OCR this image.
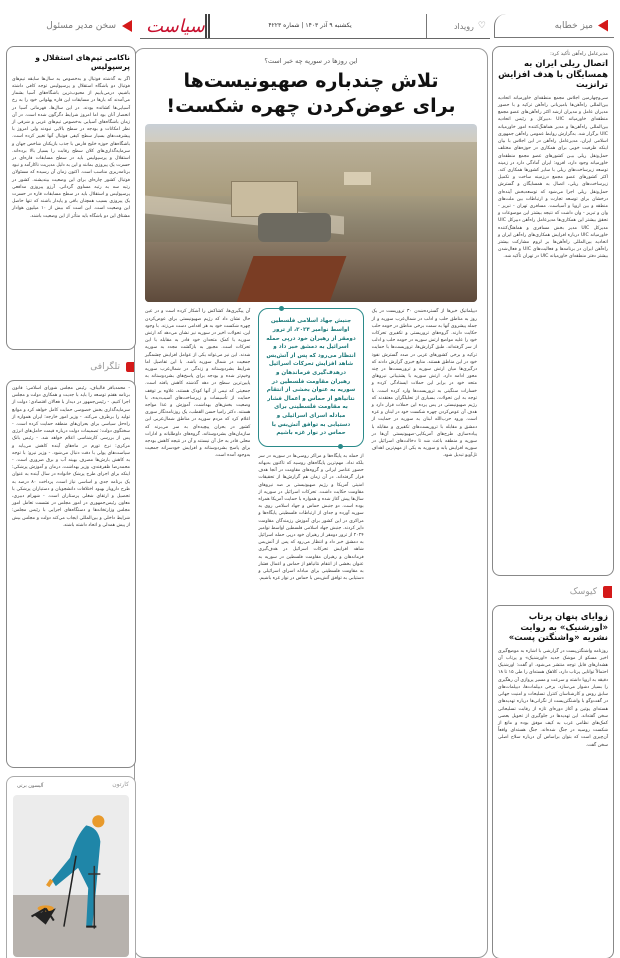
میز خطابه
♡
رویداد
یکشنبه ۹ آذر ۱۴۰۳ | شماره ۴۲۲۳
سیاست
سخن مدیر مسئول
مدیرعامل راه‌آهن تأکید کرد:
اتصال ریلی ایران به همسایگان با هدف افزایش ترانزیت
سی‌وچهارمین اجلاس مجمع منطقه‌ای خاورمیانه اتحادیه بین‌المللی راه‌آهن‌ها بامیزبانی راه‌آهن ترکیه و با حضور مدیران عامل و مدیران ارشد اکثر راه‌آهن‌های عضو مجمع منطقه‌ای خاورمیانه UIC ،دبیرکل و رئیس اتحادیه بین‌المللی راه‌آهن‌ها و مدیر هماهنگ‌کننده امور خاورمیانه UIC برگزار شد. به‌گزارش روابط‌ عمومی راه‌آهن جمهوری اسلامی ایران، مدیرعامل راه‌آهن در این اجلاس با بیان اینکه ظرفیت خوبی برای همکاری در حوزه‌های مختلف حمل‌ونقل ریلی بیـن کشورهای عضو مجمع منطقه‌ای خاورمیانه وجود دارد، افزود: ایران آمادگی دارد در زمینه توسعه زیرساخت‌های ریلی با سایر کشورها همکاری کند. اکثر کشورهای عضو مجمع درزمینه ساخت و تکمیل زیرساخت‌های ریلی، اتصال به همسایگان و گسترش حمل‌ونقل ریلی اجرا می‌شود که توسعه‌بخش آینده‌ای درخشان برای توسعه تجارت و ارتباطات بین ملت‌های منطقه و بین اروپا و آسیاست. مسافری تهران - تبریز - وان و تبریز - وان داشت که نتیجه بیشتر این موضوعات و تحقق بیشتر این همکاری‌ها مدیرعامل راه‌آهن دبیرکل UIC مدیرکل UIC مدیر بخش مسافری و هماهنگ‌کننده خاورمیانه UIC درباره افزایش همکاری‌های راه‌آهن ایران و اتحادیه بین‌المللی راه‌آهن‌ها بر لزوم مشارکت بیشتر راه‌آهن ایران در برنامه‌ها و فعالیت‌های UIC و فعال‌شدن بیشتر دفتر منطقه‌ای خاورمیانه UIC در تهران تأکید شد.
کیوسک
زوایای پنهان پرتاب «اورشنیک» به روایت نشریه «واشنگتن پست»
روزنامه واشنگتن‌پست در گزارشی با اشاره به موضع‌گیری اخیر مسکو از موشک جدید «اورشنیک» و پرتاب آن هشدارهای قابل توجه منتشر می‌شود. او گفت: اورشنیک احتمالاً توانایی پرتاب دارد، کلاهک هسته‌ای را طی ۱۵ تا ۱۸ دقیقه به اروپا داشته و سرعت و مسیر پروازی آن رهگیری را بسیار دشوار می‌سازد. برخی دیپلمات‌ها، دیپلمات‌های سابق روس و کارشناسان کنترل تسلیحات و امنیت جهانی در گفت‌وگو با واشنگتن‌پست از نگرانی‌ها درباره تهدیدهای هسته‌ای پوتین و آغاز دوره‌ای تازه از رقابت تسلیحاتی سخن گفته‌اند. این تهدیدها در جلوگیری از تحویل بعضی کمک‌های نظامی غرب به کیف موفق بوده و مانع از شکست روسیه در جنگ شده‌اند. جنگ هسته‌ای واقعاً آن‌چیزی است که بتوان براساس آن درباره سلاح اصلی سخن گفت.
این روزها در سوریه چه خبر است؟
تلاش چندباره صهیونیست‌ها
برای عوض‌کردن چهره شکست!
دیپلماتیک خبرها از گسترده‌شدن ۳۰ تروریست در یک روز به مناطق حلب و ادلب در شمال‌غرب سوریه و از جمله پیشروی آنها به سمت برخی مناطق در حومه حلب حکایت دارند. گروه‌های تروریستی و تکفیری تحرکات خود را علیه مواضع ارتش سوریه در حومه حلب و ادلب از سر گرفته‌اند. طبق گزارش‌ها، تروریست‌ها با حمایت ترکیه و برخی کشورهای غربی در صدد گسترش نفوذ خود در این مناطق هستند. منابع خبری گزارش دادند که درگیری‌ها میان ارتش سوریه و تروریست‌ها در چند محور ادامه دارد. ارتش سوریه با پشتیبانی نیروهای متحد خود در برابر این حملات ایستادگی کرده و خسارات سنگینی به تروریست‌ها وارد کرده است. با توجه به این تحولات، بسیاری از تحلیلگران معتقدند که رژیم صهیونیستی در پس پرده این حملات قرار دارد و هدف آن عوض‌کردن چهره شکست خود در لبنان و غزه است. ورود حزب‌الله لبنان به سوریه در حمایت از دمشق و مقابله با تروریست‌های تکفیری و مقابله با پیاده‌سازی طرح‌های آمریکایی-صهیونیستی آن‌ها در سوریه و منطقه باعث شد تا دخالت‌های اسرائیل در سوریه افزایش یابد و سوریه به یکی از مهم‌ترین اهداف تل‌آویو تبدیل شود.
جنبش جهاد اسلامی فلسطین اواسط نوامبر ۲۰۲۴، از ترور دومقر از رهبران خود درپی حمله اسرائیل به دمشق خبر داد و انتظار می‌رود که پس از آتش‌بس شاهد افزایش تحرکات اسرائیل درهدف‌گیری فرماندهان و رهبران مقاومت فلسطین در سوریه به عنوان بخشی از انتقام نتانیاهو از حماس و اعمال فشار به مقاومت فلسطینی برای مبادله اسرای اسرائیلی و دستیابی به توافق آتش‌بس با حماس در نوار غزه باشیم
از حمله به پایگاه‌ها و مراکز روسی‌ها در سوریه در سر بلکه نداد. مهم‌ترین پایگاه‌های روسیه که تاکنون به‌بهانه حضور عناصر ایرانی و گروه‌های مقاومت در آنجا هدف قرار گرفته‌اند. در آن زمان هم گزارش‌ها از تحقیقات امنیتی آمریکا و رژیم صهیونیستی بر ضد نیروهای مقاومت حکایت داشت. تحرکات اسرائیل در سوریه از سال‌ها پیش آغاز شده و همواره با حمایت آمریکا همراه بوده است. دو جنبش حماس و جهاد اسلامی روی به سوریه آورده و جدای از ارتباطات فلسطینی پایگاه‌ها و مراکزی در این کشور برای آموزش رزمندگان مقاومت دایر کردند. جنبش جهاد اسلامی فلسطین اواسط نوامبر ۲۰۲۴ از ترور دومقر از رهبران خود درپی حمله اسرائیل به دمشق خبر داد و انتظار می‌رود که پس از آتش‌بس شاهد افزایش تحرکات اسرائیل در هدف‌گیری فرماندهان و رهبران مقاومت فلسطین در سوریه به عنوان بخشی از انتقام نتانیاهو از حماس و اعمال فشار به مقاومت فلسطینی برای مبادله اسرای اسرائیلی و دستیابی به توافق آتش‌بس با حماس در نوار غزه باشیم.
آن پیگیری‌ها، کشاکش را آشکار کرده است و در عین حال نشان داد که رژیم صهیونیستی برای عوض‌کردن چهره شکست خود به هر اقدامی دست می‌زند. با وجود این، تحولات اخیر در سوریه نیز نشان می‌دهد که ارتش سوریه با کمک متحدان خود قادر به مقابله با این تحرکات است. مجبور به بازگشت مجدد به سوریه شدند. این نیز می‌تواند یکی از عوامل افزایش چشمگیر جمعیت در شمال سوریه باشد. با این تفاصیل اما شرایط بشردوستانه و زندگی در شمال‌غرب سوریه وخیم‌تر شده و بودجه برای پاسخ‌های بشردوستانه به پایین‌ترین سطح در دهه گذشته کاهش یافته است. جمعیتی که نیمی از آنها کودک هستند، علاوه بر توقف حمایت از تأسیسات و زیرساخت‌های آسیب‌دیده، با وضعیت بخش‌های بهداشت، آموزش و غذا مواجه هستند. دکتر رامیا حسن القطب، یک روزنامه‌نگار سوری اعلام کرد که مردم سوریه در مناطق شمال‌غربی این کشور در بحران پیچیده‌ای به سر می‌برند که سازمان‌های بشردوستانه، گروه‌های داوطلبانه و ادارات محلی قادر به حل آن نیستند و آن در نتیجه کاهش بودجه برای پاسخ بشردوستانه و افزایش خودسرانه جمعیت به‌وجود آمده است.
ناکامی تیم‌های استقلال و پرسپولیس
اگر به گذشته فوتبال و به‌خصوص به سال‌ها سابقه تیم‌های فوتبال دو باشگاه استقلال و پرسپولیس توجه کافی داشته باشیم، درمی‌یابیم از محبوب‌ترین باشگاه‌های آسیا بشمار می‌آمدند که بارها در مسابقات این قاره پهلوانی خود را به رخ آسیایی‌ها کشانده بودند. در این سال‌ها، قهرمانی آسیا در انحصار آنان بود اما امروز شرایط دگرگون شده است. در آن زمان باشگاه‌های آسیایی به‌خصوص تیم‌های عربی و شرقی از نظر امکانات و بودجه در سطح بالایی نبودند ولی امروز با پیشرفت‌های بسیار سطح کیفی فوتبال آنها تغییر کرده است. باشگاه‌های حوزه خلیج فارس با جذب بازیکنان شاخص جهان و سرمایه‌گذاری‌های کلان سطح رقابت را بسیار بالا برده‌اند. استقلال و پرسپولیس باید در سطح مسابقات قاره‌ای در حسرت یک پیروزی بمانند و این به دلیل مدیریت ناکارآمد و نبود برنامه‌ریزی مناسب است. اکنون زمان آن رسیده که مسئولان فوتبال کشور چاره‌ای برای این وضعیت بیندیشند. کشور در رتبه سه به رتبه مساوی گردانی. آرزو پیروزی مدافعی پرسپولیس و استقلال باید در سطح مسابقات قاره در حسرت یک پیروزی بسیب همچنان باقی و پایدار باشند که تنها حاصل این وضعیت است. این است که بیش از ۱۰ میلیون هوادار مشتاق این دو باشگاه باید متأثر از این وضعیت باشند.
تلگرافی
- محمدباقر قالیباف، رئیس مجلس شورای اسلامی: قانون برنامه هفتم توسعه را باید با جدیت و همکاری دولت و مجلس اجرا کنیم. - رئیس‌جمهور در دیدار با فعالان اقتصادی: دولت از سرمایه‌گذاری بخش خصوصی حمایت کامل خواهد کرد و موانع تولید را برطرف می‌کند. - وزیر امور خارجه: ایران همواره از راه‌حل سیاسی برای بحران‌های منطقه حمایت کرده است. - سخنگوی دولت: تصمیمات دولت درباره قیمت حامل‌های انرژی پس از بررسی کارشناسی اعلام خواهد شد. - رئیس بانک مرکزی: نرخ تورم در ماه‌های آینده کاهش می‌یابد و سیاست‌های پولی با دقت دنبال می‌شود. - وزیر نیرو: با توجه به کاهش بارش‌ها مصرف بهینه آب و برق ضروری است. - محمدرضا ظفرقندی، وزیر بهداشت، درمان و آموزش پزشکی: اینکه برای اجرای طرح پزشک خانواده در سال آینده به عنوان یک برنامه جدی و اساسی نیاز است، پرداخت ۸۰ درصد به طرح دارویار بهبود اختلافات دانشجویان و دستیاران پزشکی با تحصیل و ارتقای شغلی پرستاران است. - شهرام دبیری، معاون رئیس‌جمهوری در امور مجلس در نشست تعامل امور مجلس وزارتخانه‌ها و دستگاه‌های اجرایی با رئیس مجلس: شرایط داخلی و بین‌المللی ایجاب می‌کند دولت و مجلس بیش از پیش همدلی و اتحاد داشته باشند.
کارتون
آلیسون برتی
